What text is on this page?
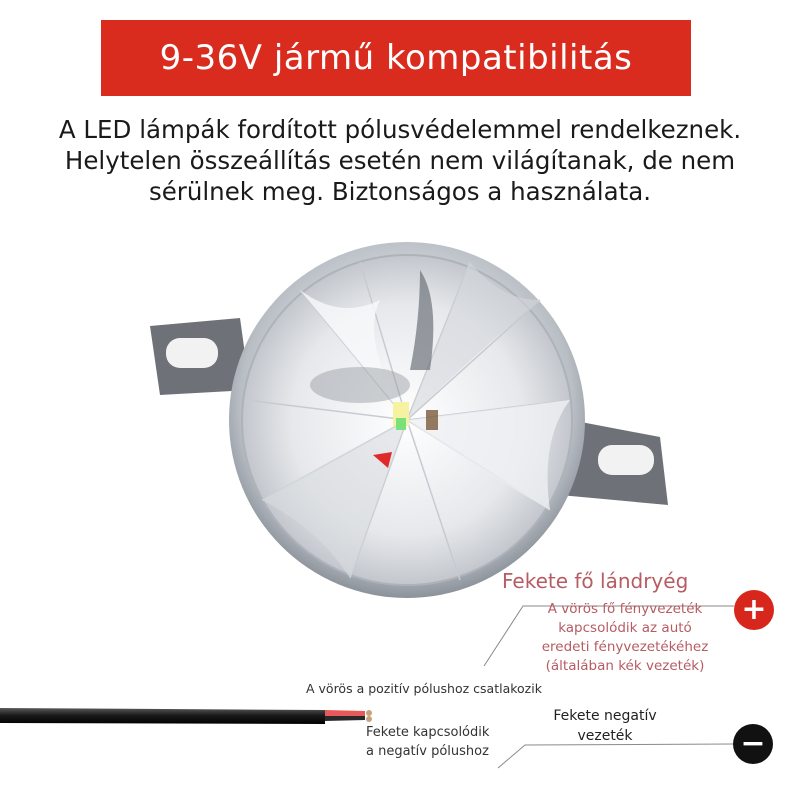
9-36V jármű kompatibilitás
A LED lámpák fordított pólusvédelemmel rendelkeznek.
Helytelen összeállítás esetén nem világítanak, de nem
sérülnek meg. Biztonságos a használata.
Fekete fő lándryég
A vörös fő fényvezeték
kapcsolódik az autó
eredeti fényvezetékéhez
(általában kék vezeték)
A vörös a pozitív pólushoz csatlakozik
Fekete kapcsolódik
a negatív pólushoz
Fekete negatív
vezeték
+
−
